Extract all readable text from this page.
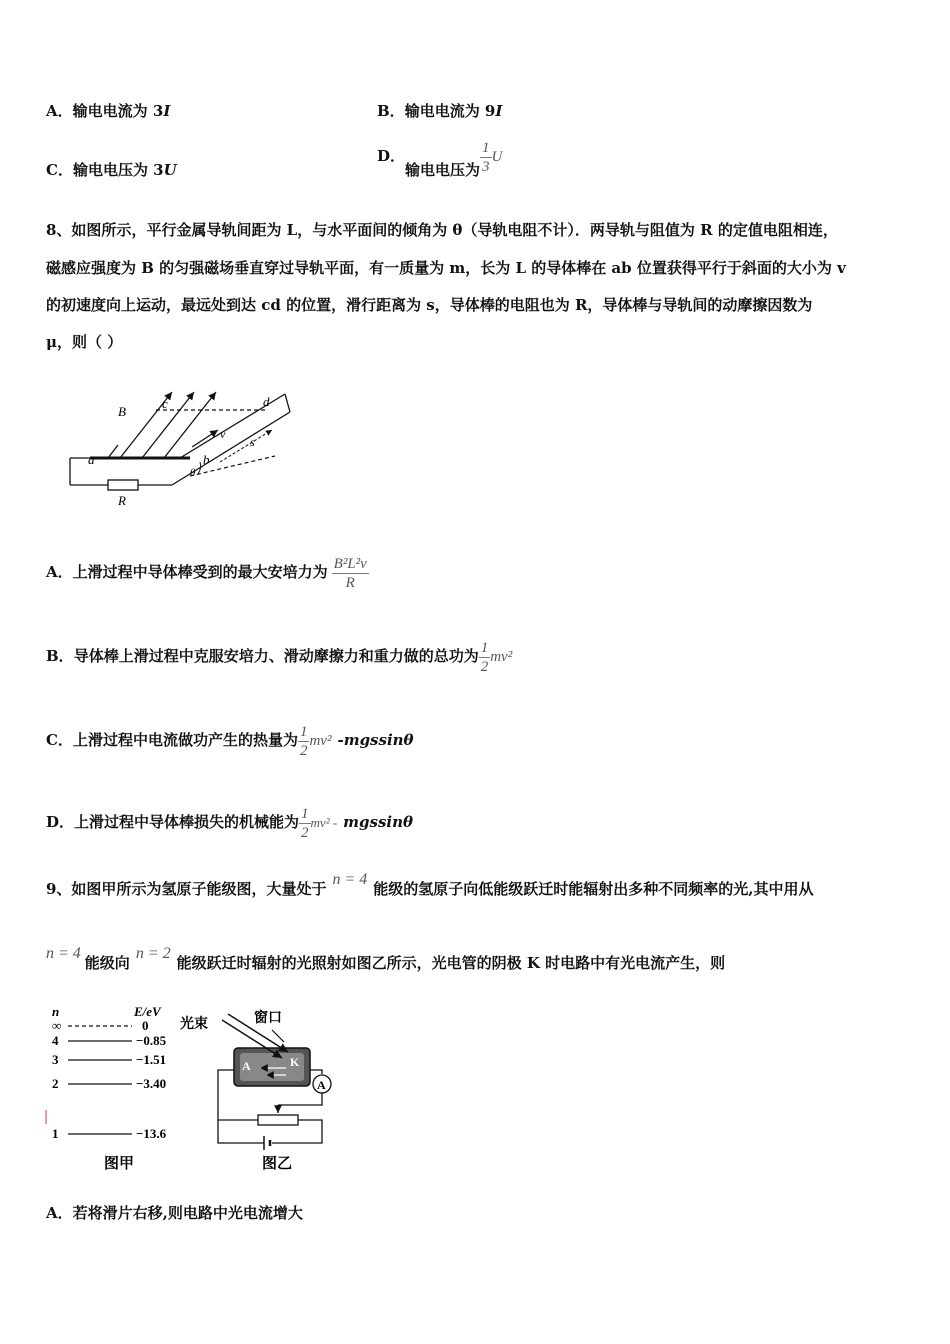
A．输电电流为 3I	B．输电电流为 9I
C．输电电压为 3U
D．输电电压为 $\frac{1}{3}$ U
8、如图所示，平行金属导轨间距为 L，与水平面间的倾角为 θ（导轨电阻不计）．两导轨与阻值为 R 的定值电阻相连，
磁感应强度为 B 的匀强磁场垂直穿过导轨平面，有一质量为 m，长为 L 的导体棒在 ab 位置获得平行于斜面的大小为 v
的初速度向上运动，最远处到达 cd 的位置，滑行距离为 s，导体棒的电阻也为 R，导体棒与导轨间的动摩擦因数为
μ，则（ ）
B
c	d
a	b
v
s
θ
R
A．上滑过程中导体棒受到的最大安培力为 $\frac{\text{B²L²v}}{R}$
B．导体棒上滑过程中克服安培力、滑动摩擦力和重力做的总功为 $\frac{1}{2} mv^2$
C．上滑过程中电流做功产生的热量为 $\frac{1}{2} mv^2$ -mgssinθ
D．上滑过程中导体棒损失的机械能为 $\frac{1}{2} mv^2$ - mgssinθ
9、如图甲所示为氢原子能级图，大量处于n = 4能级的氢原子向低能级跃迁时能辐射出多种不同频率的光,其中用从
n = 4能级向n = 2能级跃迁时辐射的光照射如图乙所示，光电管的阴极 K 时电路中有光电流产生，则
n	E/eV
∞	0
4	−0.85
3	−1.51
2	−3.40
1	−13.6
图甲
光束	窗口
A	K
A
图乙
A．若将滑片右移,则电路中光电流增大
